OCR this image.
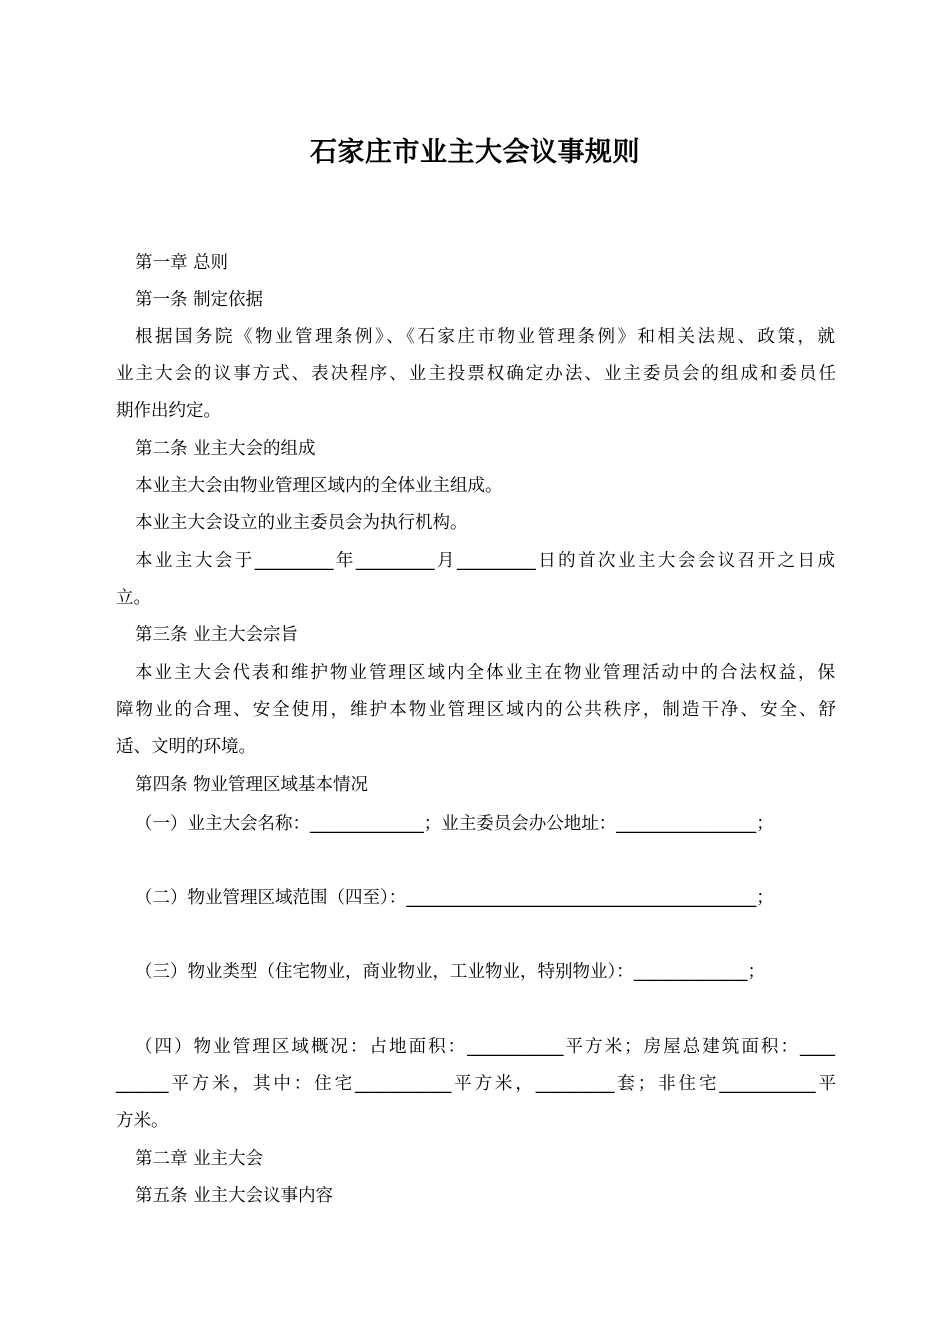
石家庄市业主大会议事规则
第一章 总则
第一条 制定依据
根据国务院《物业管理条例》、《石家庄市物业管理条例》和相关法规、政策，就
业主大会的议事方式、表决程序、业主投票权确定办法、业主委员会的组成和委员任
期作出约定。
第二条 业主大会的组成
本业主大会由物业管理区域内的全体业主组成。
本业主大会设立的业主委员会为执行机构。
本业主大会于_________年_________月_________日的首次业主大会会议召开之日成
立。
第三条 业主大会宗旨
本业主大会代表和维护物业管理区域内全体业主在物业管理活动中的合法权益，保
障物业的合理、安全使用，维护本物业管理区域内的公共秩序，制造干净、安全、舒
适、文明的环境。
第四条 物业管理区域基本情况
（一）业主大会名称：_____________；业主委员会办公地址：________________；
（二）物业管理区域范围（四至）：________________________________________；
（三）物业类型（住宅物业，商业物业，工业物业，特别物业）：_____________；
（四）物业管理区域概况：占地面积：___________平方米；房屋总建筑面积：____
______平方米，其中：住宅___________平方米，_________套；非住宅___________平
方米。
第二章 业主大会
第五条 业主大会议事内容
